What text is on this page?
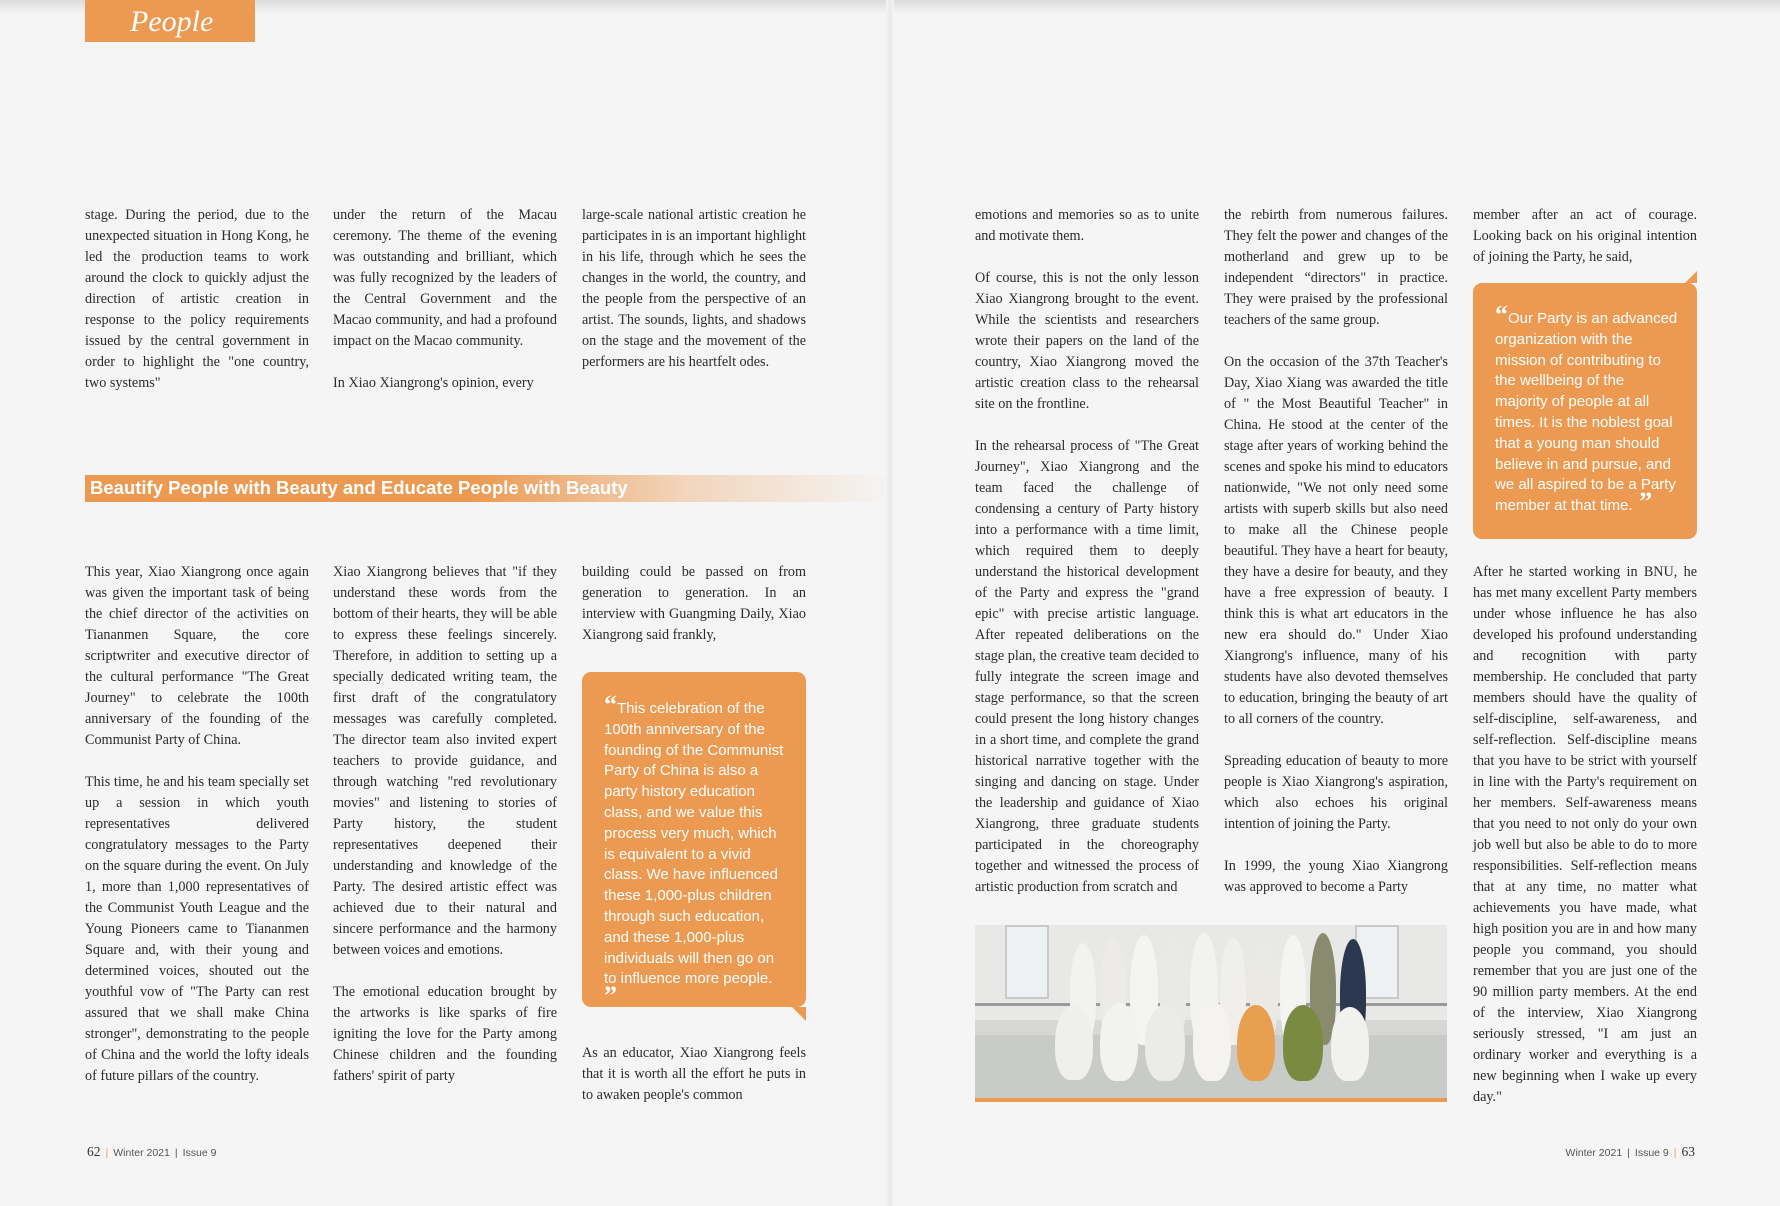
People

stage. During the period, due to the unexpected situation in Hong Kong, he led the production teams to work around the clock to quickly adjust the direction of artistic creation in response to the policy requirements issued by the central government in order to highlight the "one country, two systems"

under the return of the Macau ceremony. The theme of the evening was outstanding and brilliant, which was fully recognized by the leaders of the Central Government and the Macao community, and had a profound impact on the Macao community.

In Xiao Xiangrong's opinion, every

large-scale national artistic creation he participates in is an important highlight in his life, through which he sees the changes in the world, the country, and the people from the perspective of an artist. The sounds, lights, and shadows on the stage and the movement of the performers are his heartfelt odes.

Beautify People with Beauty and Educate People with Beauty

This year, Xiao Xiangrong once again was given the important task of being the chief director of the activities on Tiananmen Square, the core scriptwriter and executive director of the cultural performance "The Great Journey" to celebrate the 100th anniversary of the founding of the Communist Party of China.

This time, he and his team specially set up a session in which youth representatives delivered congratulatory messages to the Party on the square during the event. On July 1, more than 1,000 representatives of the Communist Youth League and the Young Pioneers came to Tiananmen Square and, with their young and determined voices, shouted out the youthful vow of "The Party can rest assured that we shall make China stronger", demonstrating to the people of China and the world the lofty ideals of future pillars of the country.

Xiao Xiangrong believes that "if they understand these words from the bottom of their hearts, they will be able to express these feelings sincerely. Therefore, in addition to setting up a specially dedicated writing team, the first draft of the congratulatory messages was carefully completed. The director team also invited expert teachers to provide guidance, and through watching "red revolutionary movies" and listening to stories of Party history, the student representatives deepened their understanding and knowledge of the Party. The desired artistic effect was achieved due to their natural and sincere performance and the harmony between voices and emotions.

The emotional education brought by the artworks is like sparks of fire igniting the love for the Party among Chinese children and the founding fathers' spirit of party

building could be passed on from generation to generation. In an interview with Guangming Daily, Xiao Xiangrong said frankly,

“This celebration of the 100th anniversary of the founding of the Communist Party of China is also a party history education class, and we value this process very much, which is equivalent to a vivid class. We have influenced these 1,000-plus children through such education, and these 1,000-plus individuals will then go on to influence more people. ”

As an educator, Xiao Xiangrong feels that it is worth all the effort he puts in to awaken people's common

emotions and memories so as to unite and motivate them.

Of course, this is not the only lesson Xiao Xiangrong brought to the event. While the scientists and researchers wrote their papers on the land of the country, Xiao Xiangrong moved the artistic creation class to the rehearsal site on the frontline.

In the rehearsal process of "The Great Journey", Xiao Xiangrong and the team faced the challenge of condensing a century of Party history into a performance with a time limit, which required them to deeply understand the historical development of the Party and express the "grand epic" with precise artistic language. After repeated deliberations on the stage plan, the creative team decided to fully integrate the screen image and stage performance, so that the screen could present the long history changes in a short time, and complete the grand historical narrative together with the singing and dancing on stage. Under the leadership and guidance of Xiao Xiangrong, three graduate students participated in the choreography together and witnessed the process of artistic production from scratch and

the rebirth from numerous failures. They felt the power and changes of the motherland and grew up to be independent “directors" in practice. They were praised by the professional teachers of the same group.

On the occasion of the 37th Teacher's Day, Xiao Xiang was awarded the title of " the Most Beautiful Teacher" in China. He stood at the center of the stage after years of working behind the scenes and spoke his mind to educators nationwide, "We not only need some artists with superb skills but also need to make all the Chinese people beautiful. They have a heart for beauty, they have a desire for beauty, and they have a free expression of beauty. I think this is what art educators in the new era should do." Under Xiao Xiangrong's influence, many of his students have also devoted themselves to education, bringing the beauty of art to all corners of the country.

Spreading education of beauty to more people is Xiao Xiangrong's aspiration, which also echoes his original intention of joining the Party.

In 1999, the young Xiao Xiangrong was approved to become a Party

member after an act of courage. Looking back on his original intention of joining the Party, he said,

“Our Party is an advanced organization with the mission of contributing to the wellbeing of the majority of people at all times. It is the noblest goal that a young man should believe in and pursue, and we all aspired to be a Party member at that time. ”

After he started working in BNU, he has met many excellent Party members under whose influence he has also developed his profound understanding and recognition with party membership. He concluded that party members should have the quality of self-discipline, self-awareness, and self-reflection. Self-discipline means that you have to be strict with yourself in line with the Party's requirement on her members. Self-awareness means that you need to not only do your own job well but also be able to do to more responsibilities. Self-reflection means that at any time, no matter what achievements you have made, what high position you are in and how many people you command, you should remember that you are just one of the 90 million party members. At the end of the interview, Xiao Xiangrong seriously stressed, "I am just an ordinary worker and everything is a new beginning when I wake up every day."

62 | Winter 2021 | Issue 9	Winter 2021 | Issue 9 | 63
